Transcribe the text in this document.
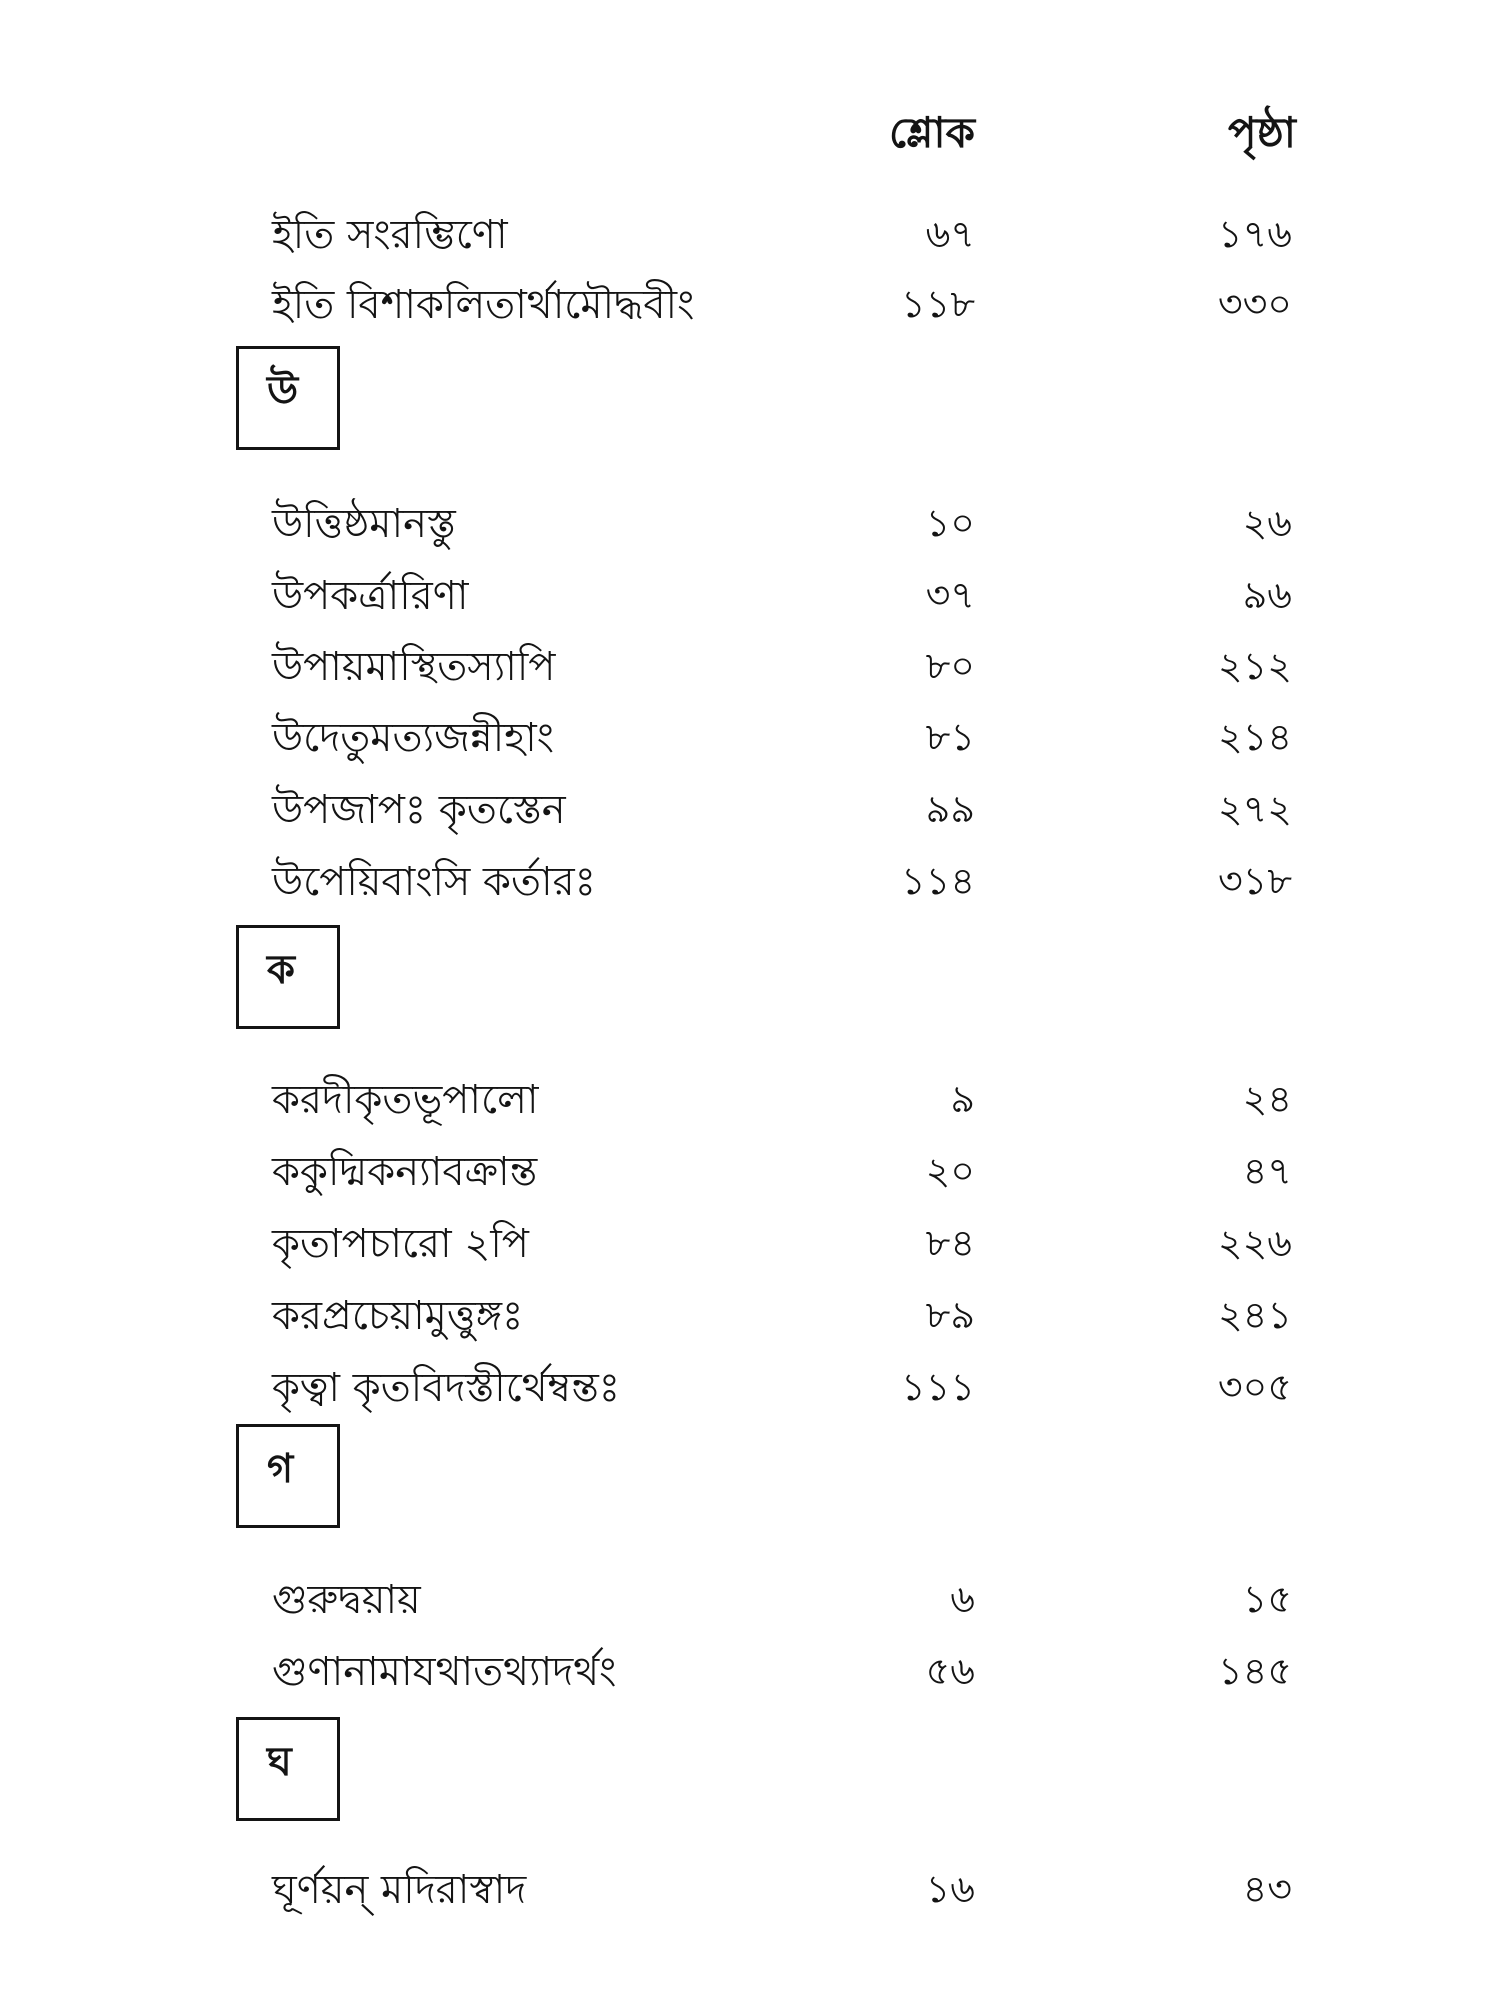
শ্লোক	পৃষ্ঠা
ইতি সংরম্ভিণো	৬৭	১৭৬
ইতি বিশাকলিতার্থামৌদ্ধবীং	১১৮	৩৩০
উ
উত্তিষ্ঠমানস্তু	১০	২৬
উপকর্ত্রারিণা	৩৭	৯৬
উপায়মাস্থিতস্যাপি	৮০	২১২
উদেতুমত্যজন্নীহাং	৮১	২১৪
উপজাপঃ কৃতস্তেন	৯৯	২৭২
উপেয়িবাংসি কর্তারঃ	১১৪	৩১৮
ক
করদীকৃতভূপালো	৯	২৪
ককুদ্মিকন্যাবক্রান্ত	২০	৪৭
কৃতাপচারো ২পি	৮৪	২২৬
করপ্রচেয়ামুত্তুঙ্গঃ	৮৯	২৪১
কৃত্বা কৃতবিদস্তীর্থেম্বন্তঃ	১১১	৩০৫
গ
গুরুদ্বয়ায়	৬	১৫
গুণানামাযথাতথ্যাদর্থং	৫৬	১৪৫
ঘ
ঘূর্ণয়ন্ মদিরাস্বাদ	১৬	৪৩
